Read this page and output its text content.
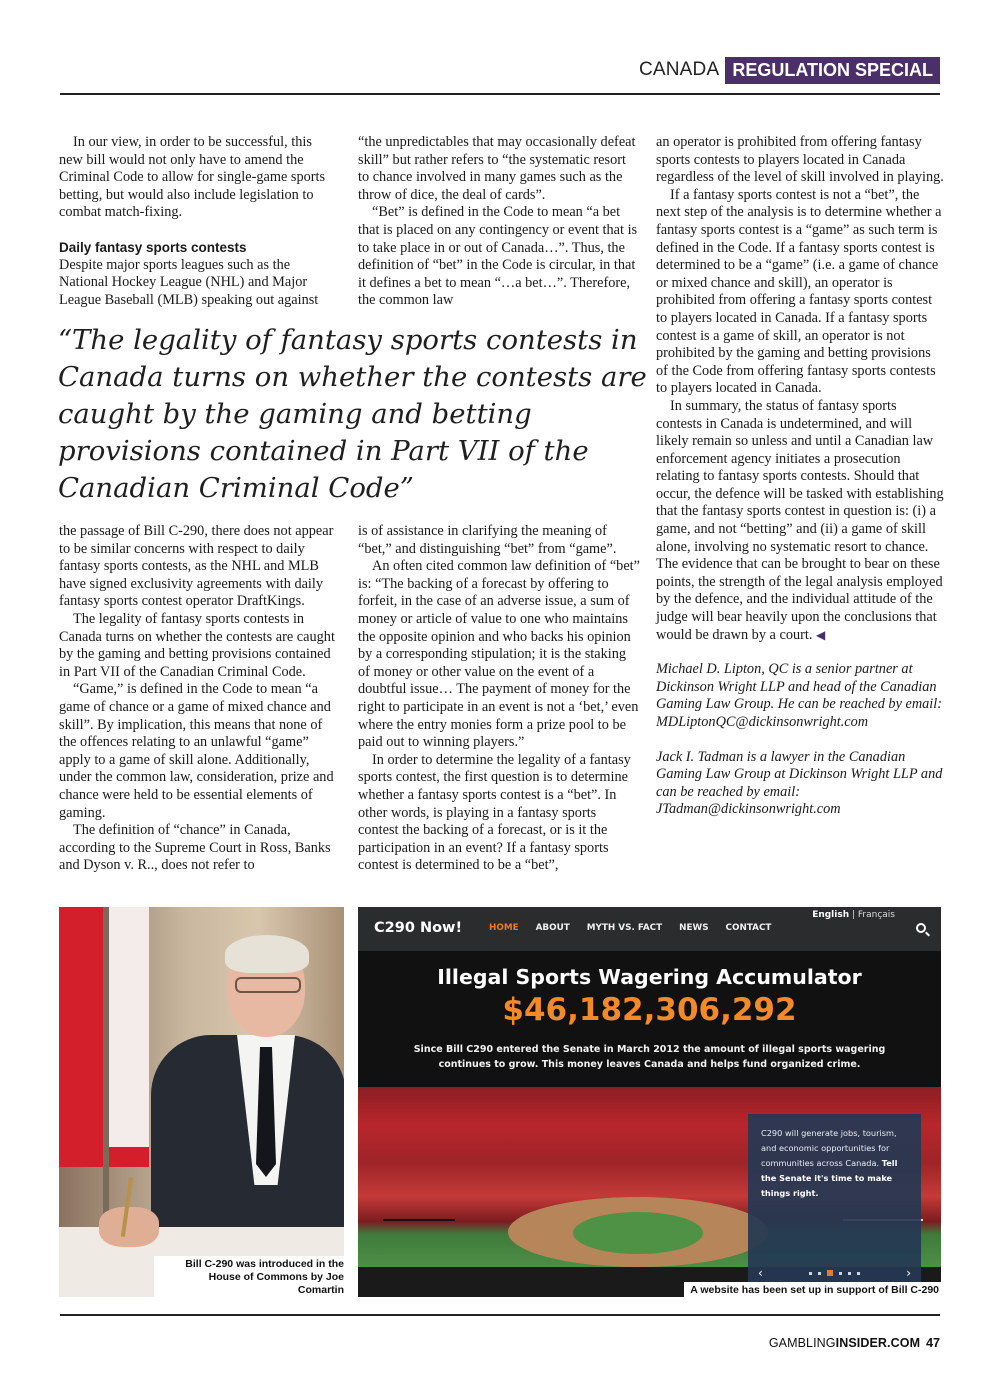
CANADA REGULATION SPECIAL

In our view, in order to be successful, this new bill would not only have to amend the Criminal Code to allow for single-game sports betting, but would also include legislation to combat match-fixing.

Daily fantasy sports contests

Despite major sports leagues such as the National Hockey League (NHL) and Major League Baseball (MLB) speaking out against

“the unpredictables that may occasionally defeat skill” but rather refers to “the systematic resort to chance involved in many games such as the throw of dice, the deal of cards”.

“Bet” is defined in the Code to mean “a bet that is placed on any contingency or event that is to take place in or out of Canada…”. Thus, the definition of “bet” in the Code is circular, in that it defines a bet to mean “…a bet…”. Therefore, the common law

“The legality of fantasy sports contests in Canada turns on whether the contests are caught by the gaming and betting provisions contained in Part VII of the Canadian Criminal Code”

the passage of Bill C-290, there does not appear to be similar concerns with respect to daily fantasy sports contests, as the NHL and MLB have signed exclusivity agreements with daily fantasy sports contest operator DraftKings.

The legality of fantasy sports contests in Canada turns on whether the contests are caught by the gaming and betting provisions contained in Part VII of the Canadian Criminal Code.

“Game,” is defined in the Code to mean “a game of chance or a game of mixed chance and skill”. By implication, this means that none of the offences relating to an unlawful “game” apply to a game of skill alone. Additionally, under the common law, consideration, prize and chance were held to be essential elements of gaming.

The definition of “chance” in Canada, according to the Supreme Court in Ross, Banks and Dyson v. R.., does not refer to

is of assistance in clarifying the meaning of “bet,” and distinguishing “bet” from “game”.

An often cited common law definition of “bet” is: “The backing of a forecast by offering to forfeit, in the case of an adverse issue, a sum of money or article of value to one who maintains the opposite opinion and who backs his opinion by a corresponding stipulation; it is the staking of money or other value on the event of a doubtful issue… The payment of money for the right to participate in an event is not a ‘bet,’ even where the entry monies form a prize pool to be paid out to winning players.”

In order to determine the legality of a fantasy sports contest, the first question is to determine whether a fantasy sports contest is a “bet”. In other words, is playing in a fantasy sports contest the backing of a forecast, or is it the participation in an event? If a fantasy sports contest is determined to be a “bet”,

an operator is prohibited from offering fantasy sports contests to players located in Canada regardless of the level of skill involved in playing.

If a fantasy sports contest is not a “bet”, the next step of the analysis is to determine whether a fantasy sports contest is a “game” as such term is defined in the Code. If a fantasy sports contest is determined to be a “game” (i.e. a game of chance or mixed chance and skill), an operator is prohibited from offering a fantasy sports contest to players located in Canada. If a fantasy sports contest is a game of skill, an operator is not prohibited by the gaming and betting provisions of the Code from offering fantasy sports contests to players located in Canada.

In summary, the status of fantasy sports contests in Canada is undetermined, and will likely remain so unless and until a Canadian law enforcement agency initiates a prosecution relating to fantasy sports contests. Should that occur, the defence will be tasked with establishing that the fantasy sports contest in question is: (i) a game, and not “betting” and (ii) a game of skill alone, involving no systematic resort to chance. The evidence that can be brought to bear on these points, the strength of the legal analysis employed by the defence, and the individual attitude of the judge will bear heavily upon the conclusions that would be drawn by a court. ◀

Michael D. Lipton, QC is a senior partner at Dickinson Wright LLP and head of the Canadian Gaming Law Group. He can be reached by email: MDLiptonQC@dickinsonwright.com

Jack I. Tadman is a lawyer in the Canadian Gaming Law Group at Dickinson Wright LLP and can be reached by email: JTadman@dickinsonwright.com

Bill C-290 was introduced in the House of Commons by Joe Comartin
C290 Now!	HOME ABOUT MYTH VS. FACT NEWS CONTACT
English | Français
Illegal Sports Wagering Accumulator
$46,182,306,292
Since Bill C290 entered the Senate in March 2012 the amount of illegal sports wagering continues to grow. This money leaves Canada and helps fund organized crime.
C290 will generate jobs, tourism, and economic opportunities for communities across Canada. Tell the Senate it's time to make things right.
‹	›
A website has been set up in support of Bill C-290
GAMBLINGINSIDER.COM 47
